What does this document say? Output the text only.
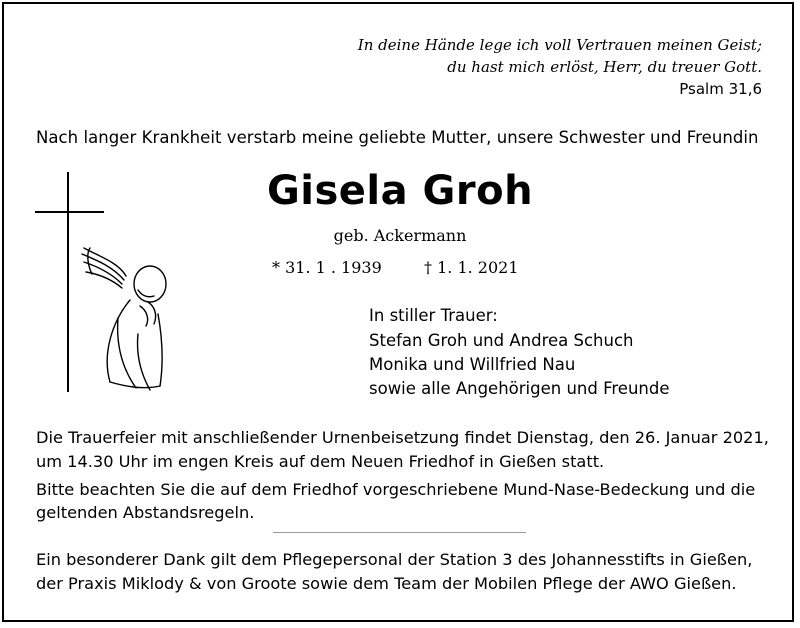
In deine Hände lege ich voll Vertrauen meinen Geist;
du hast mich erlöst, Herr, du treuer Gott.
Psalm 31,6
Nach langer Krankheit verstarb meine geliebte Mutter, unsere Schwester und Freundin
Gisela Groh
geb. Ackermann
* 31. 1 . 1939	† 1. 1. 2021
In stiller Trauer:
Stefan Groh und Andrea Schuch
Monika und Willfried Nau
sowie alle Angehörigen und Freunde
Die Trauerfeier mit anschließender Urnenbeisetzung findet Dienstag, den 26. Januar 2021,
um 14.30 Uhr im engen Kreis auf dem Neuen Friedhof in Gießen statt.
Bitte beachten Sie die auf dem Friedhof vorgeschriebene Mund-Nase-Bedeckung und die
geltenden Abstandsregeln.
Ein besonderer Dank gilt dem Pflegepersonal der Station 3 des Johannesstifts in Gießen,
der Praxis Miklody & von Groote sowie dem Team der Mobilen Pflege der AWO Gießen.
